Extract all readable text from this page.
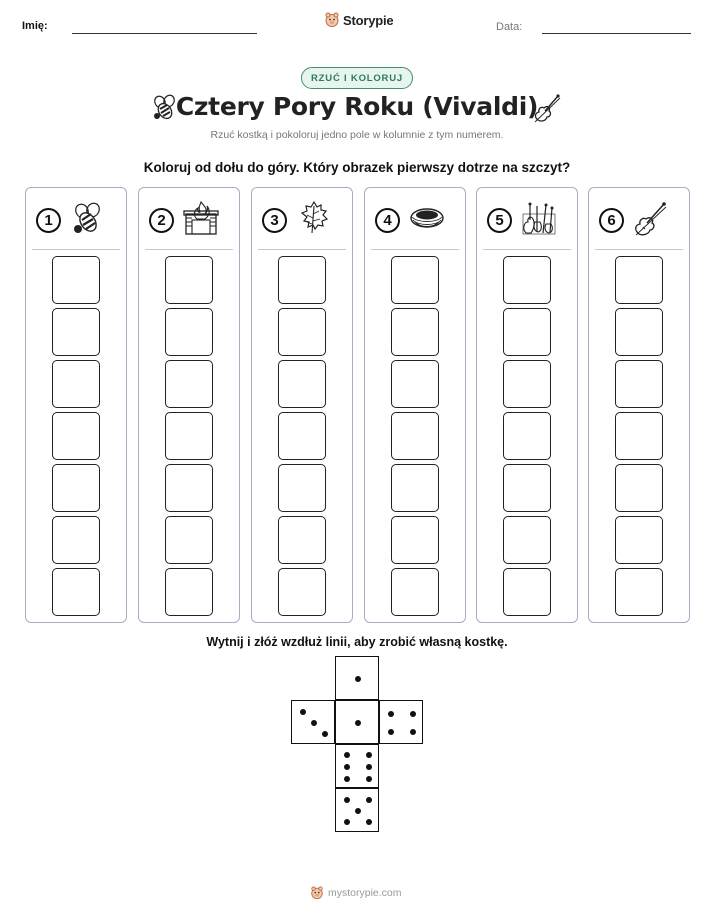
Imię:	Storypie	Data:
RZUĆ I KOLORUJ
Cztery Pory Roku (Vivaldi)
Rzuć kostką i pokoloruj jedno pole w kolumnie z tym numerem.
Koloruj od dołu do góry. Który obrazek pierwszy dotrze na szczyt?
1	2	3	4	5	6
Wytnij i złóż wzdłuż linii, aby zrobić własną kostkę.
mystorypie.com
